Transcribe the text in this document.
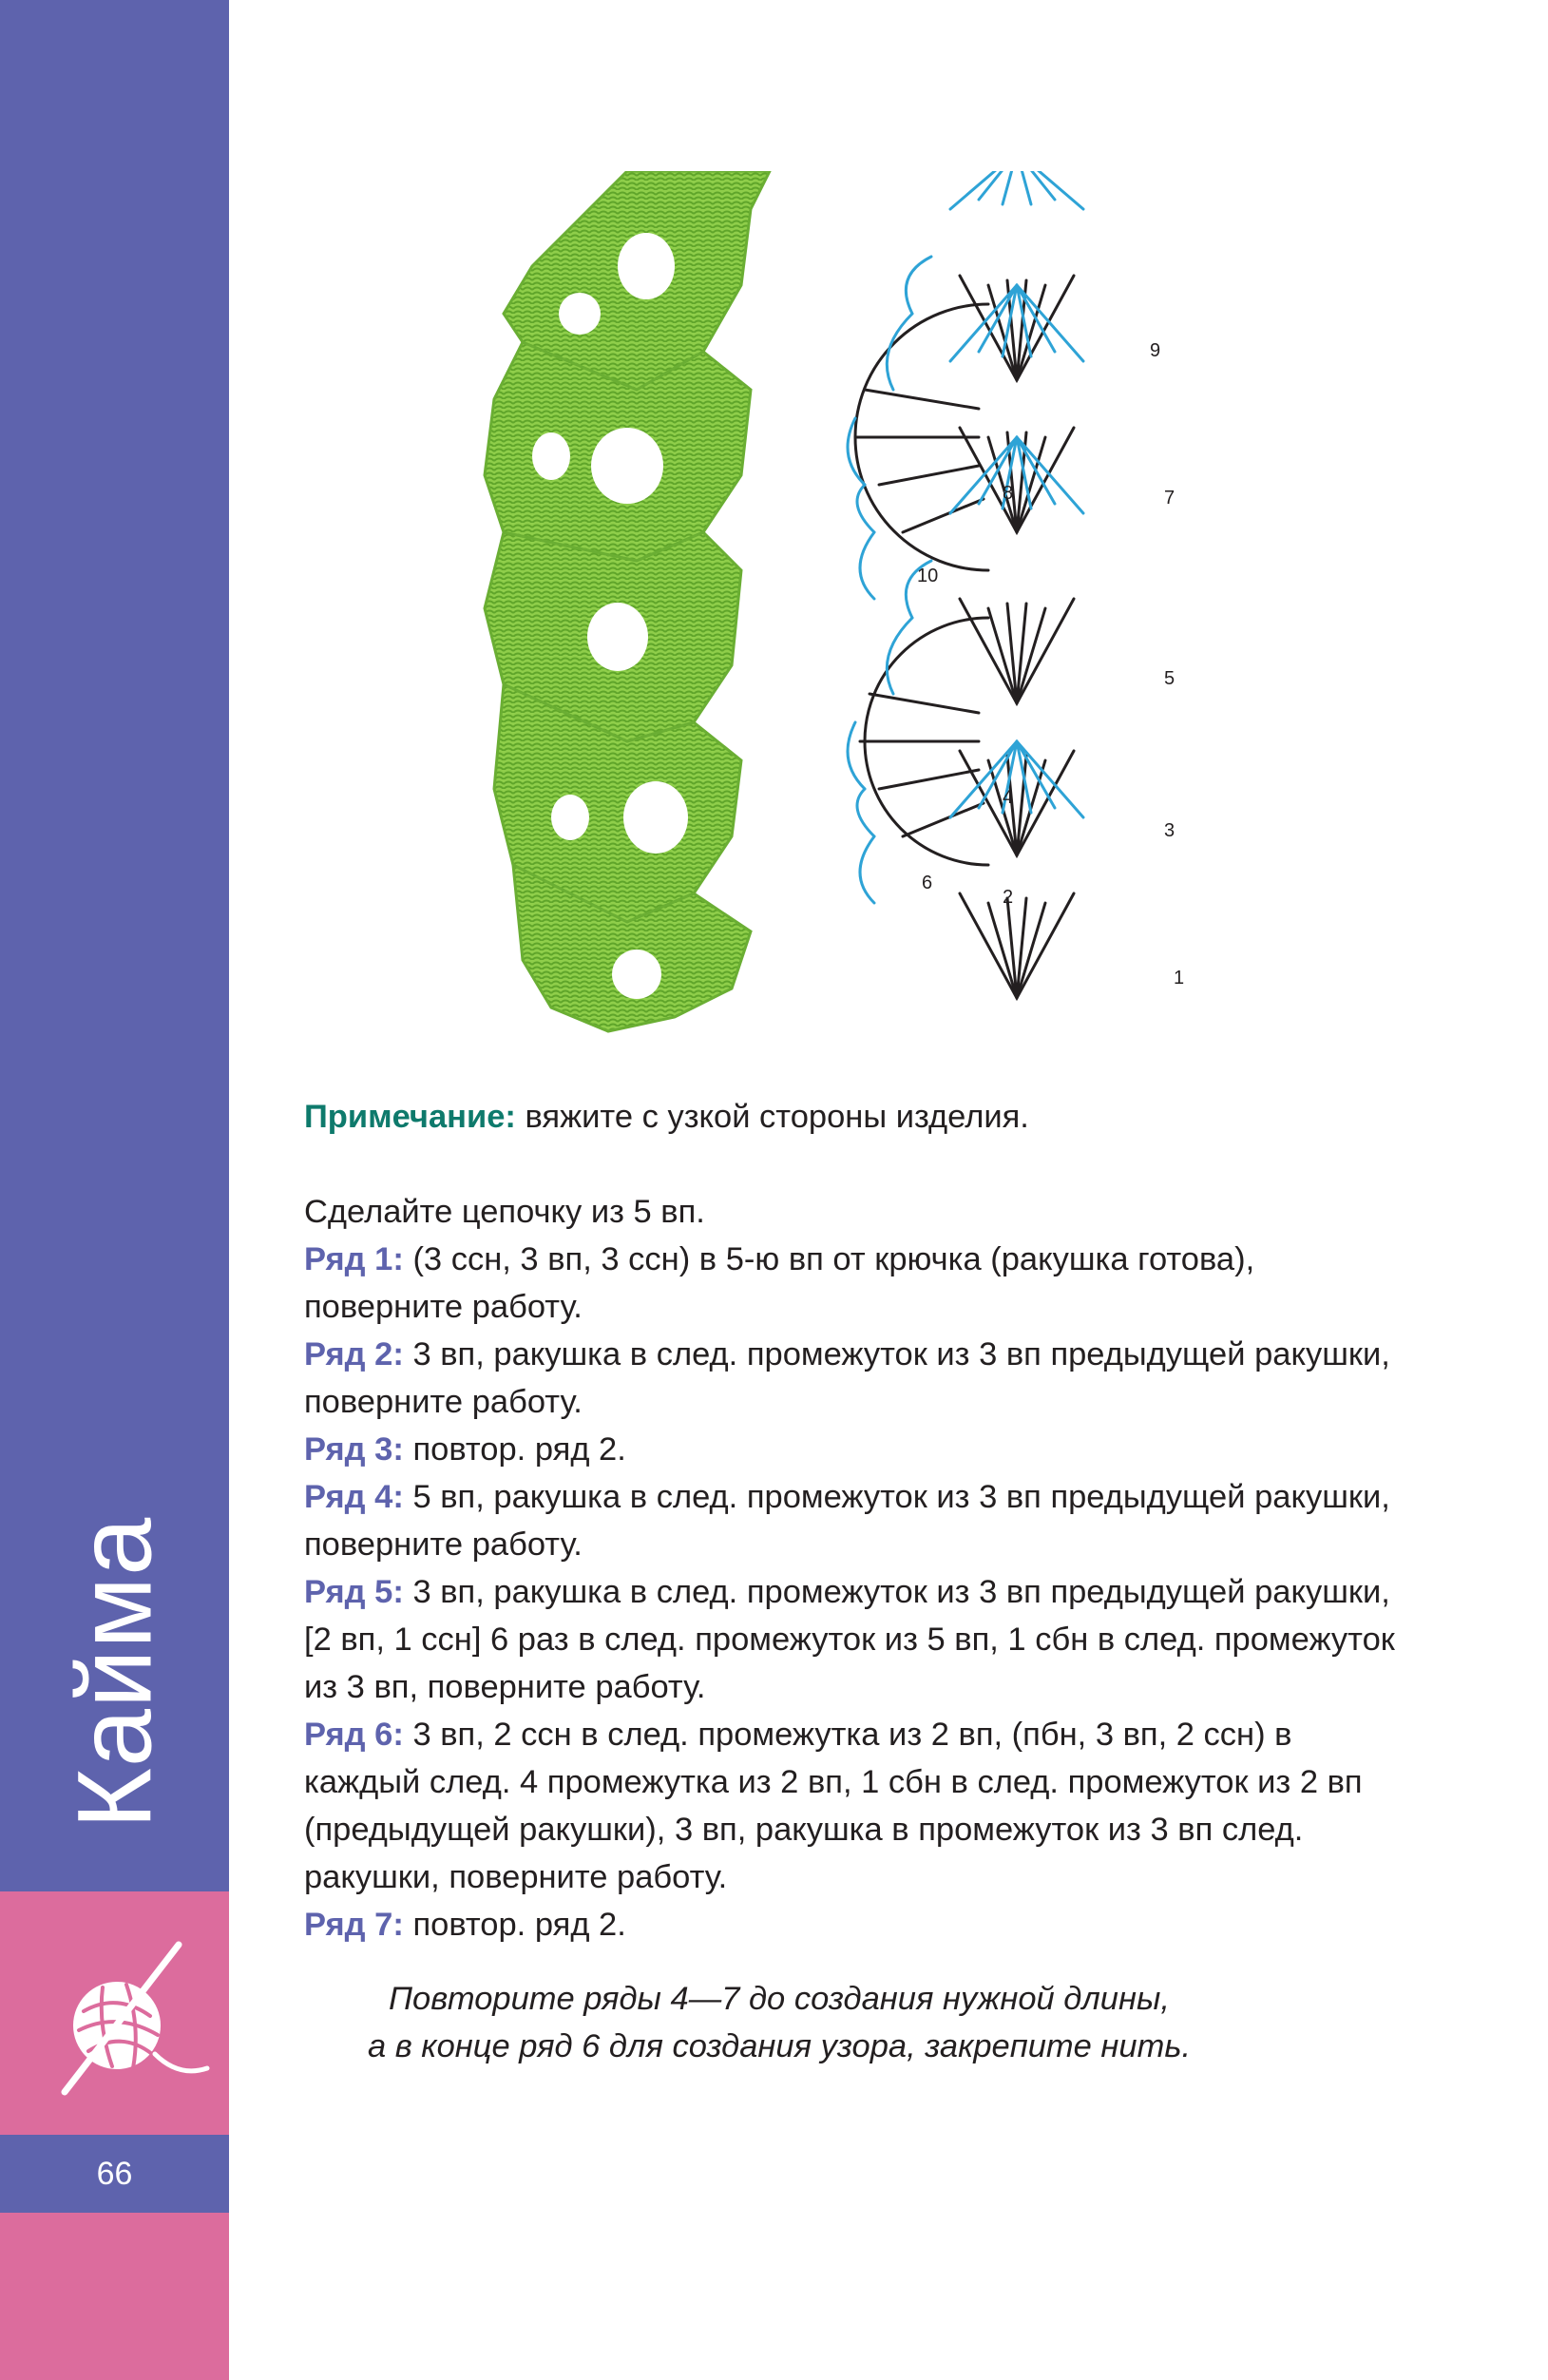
Кайма
66
9
7
8
10
5
4
3
6
2
1

Примечание: вяжите с узкой стороны изделия.

Сделайте цепочку из 5 вп.

Ряд 1: (3 ссн, 3 вп, 3 ссн) в 5-ю вп от крючка (ракушка готова), поверните работу.

Ряд 2: 3 вп, ракушка в след. промежуток из 3 вп предыдущей ракушки, поверните работу.

Ряд 3: повтор. ряд 2.

Ряд 4: 5 вп, ракушка в след. промежуток из 3 вп предыдущей ракушки, поверните работу.

Ряд 5: 3 вп, ракушка в след. промежуток из 3 вп предыдущей ракушки, [2 вп, 1 ссн] 6 раз в след. промежуток из 5 вп, 1 сбн в след. промежуток из 3 вп, поверните работу.

Ряд 6: 3 вп, 2 ссн в след. промежутка из 2 вп, (пбн, 3 вп, 2 ссн) в каждый след. 4 промежутка из 2 вп, 1 сбн в след. промежуток из 2 вп (предыдущей ракушки), 3 вп, ракушка в промежуток из 3 вп след. ракушки, поверните работу.

Ряд 7: повтор. ряд 2.

Повторите ряды 4—7 до создания нужной длины,

а в конце ряд 6 для создания узора, закрепите нить.
